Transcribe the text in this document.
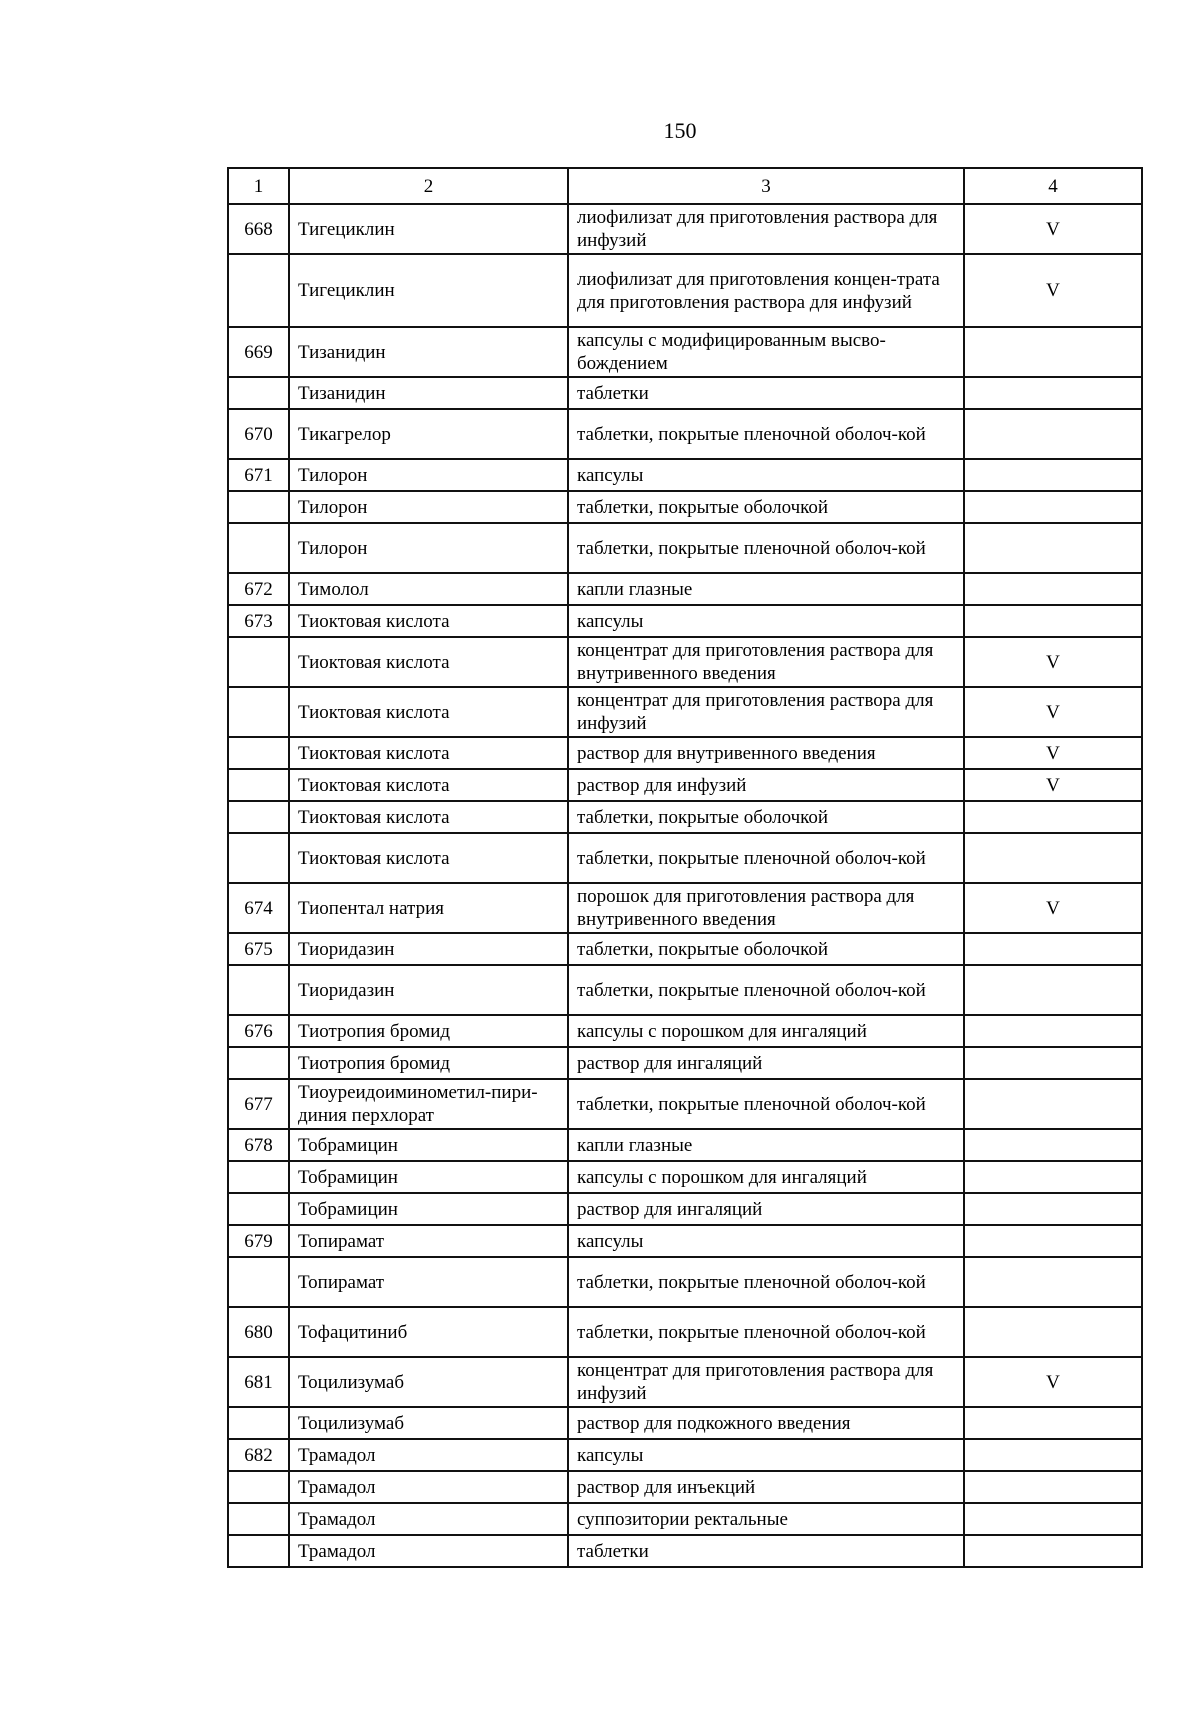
150
1	2	3	4
668	Тигециклин	лиофилизат для приготовления раствора для инфузий	V
	Тигециклин	лиофилизат для приготовления концен-трата для приготовления раствора для инфузий	V
669	Тизанидин	капсулы с модифицированным высво-бождением	
	Тизанидин	таблетки	
670	Тикагрелор	таблетки, покрытые пленочной оболоч-кой	
671	Тилорон	капсулы	
	Тилорон	таблетки, покрытые оболочкой	
	Тилорон	таблетки, покрытые пленочной оболоч-кой	
672	Тимолол	капли глазные	
673	Тиоктовая кислота	капсулы	
	Тиоктовая кислота	концентрат для приготовления раствора для внутривенного введения	V
	Тиоктовая кислота	концентрат для приготовления раствора для инфузий	V
	Тиоктовая кислота	раствор для внутривенного введения	V
	Тиоктовая кислота	раствор для инфузий	V
	Тиоктовая кислота	таблетки, покрытые оболочкой	
	Тиоктовая кислота	таблетки, покрытые пленочной оболоч-кой	
674	Тиопентал натрия	порошок для приготовления раствора для внутривенного введения	V
675	Тиоридазин	таблетки, покрытые оболочкой	
	Тиоридазин	таблетки, покрытые пленочной оболоч-кой	
676	Тиотропия бромид	капсулы с порошком для ингаляций	
	Тиотропия бромид	раствор для ингаляций	
677	Тиоуреидоиминометил-пири-диния перхлорат	таблетки, покрытые пленочной оболоч-кой	
678	Тобрамицин	капли глазные	
	Тобрамицин	капсулы с порошком для ингаляций	
	Тобрамицин	раствор для ингаляций	
679	Топирамат	капсулы	
	Топирамат	таблетки, покрытые пленочной оболоч-кой	
680	Тофацитиниб	таблетки, покрытые пленочной оболоч-кой	
681	Тоцилизумаб	концентрат для приготовления раствора для инфузий	V
	Тоцилизумаб	раствор для подкожного введения	
682	Трамадол	капсулы	
	Трамадол	раствор для инъекций	
	Трамадол	суппозитории ректальные	
	Трамадол	таблетки	
